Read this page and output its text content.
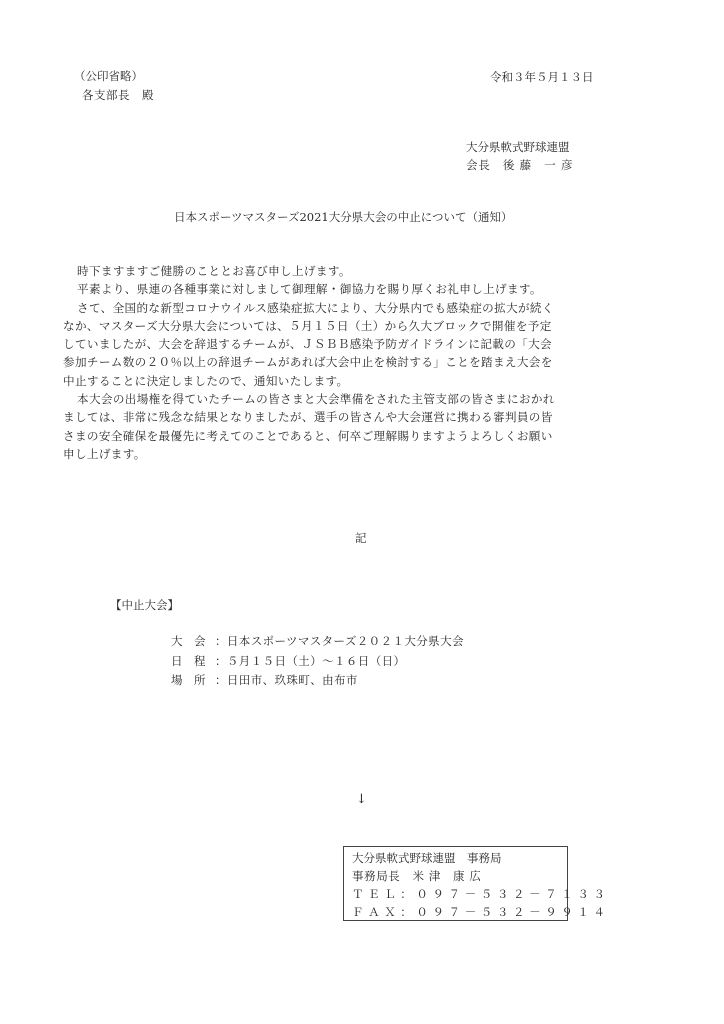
（公印省略）
各支部長　殿
令和３年５月１３日
大分県軟式野球連盟
会長　後 藤　一 彦
日本スポーツマスターズ2021大分県大会の中止について（通知）
時下ますますご健勝のこととお喜び申し上げます。
平素より、県連の各種事業に対しまして御理解・御協力を賜り厚くお礼申し上げます。
さて、全国的な新型コロナウイルス感染症拡大により、大分県内でも感染症の拡大が続く
なか、マスターズ大分県大会については、５月１５日（土）から久大ブロックで開催を予定
していましたが、大会を辞退するチームが、ＪＳＢＢ感染予防ガイドラインに記載の「大会
参加チーム数の２０％以上の辞退チームがあれば大会中止を検討する」ことを踏まえ大会を
中止することに決定しましたので、通知いたします。
本大会の出場権を得ていたチームの皆さまと大会準備をされた主管支部の皆さまにおかれ
ましては、非常に残念な結果となりましたが、選手の皆さんや大会運営に携わる審判員の皆
さまの安全確保を最優先に考えてのことであると、何卒ご理解賜りますようよろしくお願い
申し上げます。
記
【中止大会】
大　会 ：日本スポーツマスターズ２０２１大分県大会
日　程 ：５月１５日（土）～１６日（日）
場　所 ：日田市、玖珠町、由布市
↓
大分県軟式野球連盟　事務局
事務局長　米 津　康 広
ＴＥＬ：０９７－５３２－７１３３
ＦＡＸ：０９７－５３２－９９１４
